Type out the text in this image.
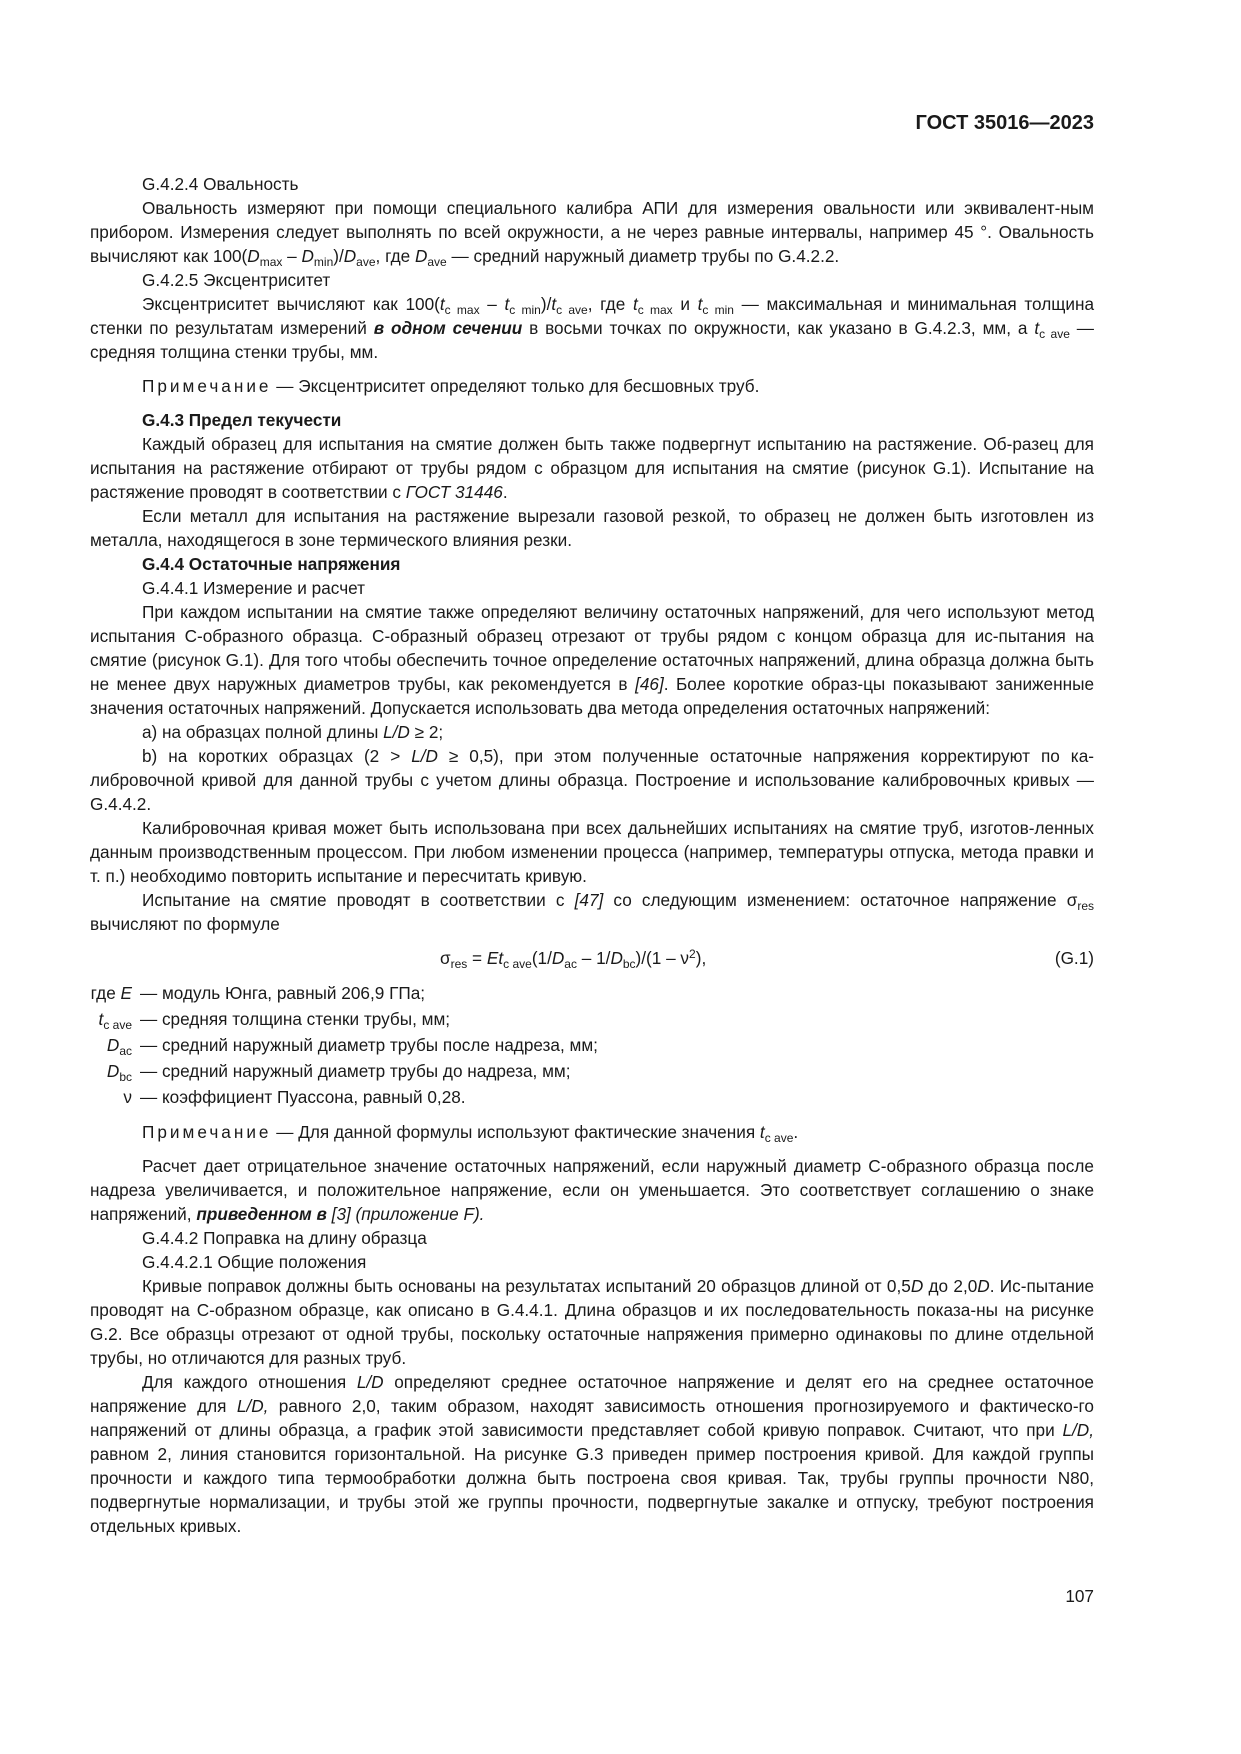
ГОСТ 35016—2023

G.4.2.4 Овальность

Овальность измеряют при помощи специального калибра АПИ для измерения овальности или эквивалент-ным прибором. Измерения следует выполнять по всей окружности, а не через равные интервалы, например 45 °. Овальность вычисляют как $100(D_{max} - D_{min})/D_{ave}$, где $D_{ave}$ — средний наружный диаметр трубы по G.4.2.2.

G.4.2.5 Эксцентриситет

Эксцентриситет вычисляют как $100(t_{c max} - t_{c min})/t_{c ave}$, где $t_{c max}$ и $t_{c min}$ — максимальная и минимальная толщина стенки по результатам измерений в одном сечении в восьми точках по окружности, как указано в G.4.2.3, мм, а $t_{c ave}$ — средняя толщина стенки трубы, мм.

Примечание — Эксцентриситет определяют только для бесшовных труб.

G.4.3 Предел текучести

Каждый образец для испытания на смятие должен быть также подвергнут испытанию на растяжение. Об-разец для испытания на растяжение отбирают от трубы рядом с образцом для испытания на смятие (рисунок G.1). Испытание на растяжение проводят в соответствии с ГОСТ 31446.

Если металл для испытания на растяжение вырезали газовой резкой, то образец не должен быть изготовлен из металла, находящегося в зоне термического влияния резки.

G.4.4 Остаточные напряжения

G.4.4.1 Измерение и расчет

При каждом испытании на смятие также определяют величину остаточных напряжений, для чего используют метод испытания С-образного образца. С-образный образец отрезают от трубы рядом с концом образца для ис-пытания на смятие (рисунок G.1). Для того чтобы обеспечить точное определение остаточных напряжений, длина образца должна быть не менее двух наружных диаметров трубы, как рекомендуется в [46]. Более короткие образ-цы показывают заниженные значения остаточных напряжений. Допускается использовать два метода определения остаточных напряжений:

а) на образцах полной длины L/D ≥ 2;

b) на коротких образцах (2 > L/D ≥ 0,5), при этом полученные остаточные напряжения корректируют по ка-либровочной кривой для данной трубы с учетом длины образца. Построение и использование калибровочных кривых — G.4.4.2.

Калибровочная кривая может быть использована при всех дальнейших испытаниях на смятие труб, изготов-ленных данным производственным процессом. При любом изменении процесса (например, температуры отпуска, метода правки и т. п.) необходимо повторить испытание и пересчитать кривую.

Испытание на смятие проводят в соответствии с [47] со следующим изменением: остаточное напряжение $\sigma_{res}$ вычисляют по формуле

$\sigma_{res} = Et_{c ave}(1/D_{ac} - 1/D_{bc})/(1 - \nu^2)$,	(G.1)
где E	— модуль Юнга, равный 206,9 ГПа;
$t_{c ave}$	— средняя толщина стенки трубы, мм;
$D_{ac}$	— средний наружный диаметр трубы после надреза, мм;
$D_{bc}$	— средний наружный диаметр трубы до надреза, мм;
ν	— коэффициент Пуассона, равный 0,28.

Примечание — Для данной формулы используют фактические значения $t_{c ave}$.

Расчет дает отрицательное значение остаточных напряжений, если наружный диаметр С-образного образца после надреза увеличивается, и положительное напряжение, если он уменьшается. Это соответствует соглашению о знаке напряжений, приведенном в [3] (приложение F).

G.4.4.2 Поправка на длину образца

G.4.4.2.1 Общие положения

Кривые поправок должны быть основаны на результатах испытаний 20 образцов длиной от 0,5D до 2,0D. Ис-пытание проводят на С-образном образце, как описано в G.4.4.1. Длина образцов и их последовательность показа-ны на рисунке G.2. Все образцы отрезают от одной трубы, поскольку остаточные напряжения примерно одинаковы по длине отдельной трубы, но отличаются для разных труб.

Для каждого отношения L/D определяют среднее остаточное напряжение и делят его на среднее остаточное напряжение для L/D, равного 2,0, таким образом, находят зависимость отношения прогнозируемого и фактическо-го напряжений от длины образца, а график этой зависимости представляет собой кривую поправок. Считают, что при L/D, равном 2, линия становится горизонтальной. На рисунке G.3 приведен пример построения кривой. Для каждой группы прочности и каждого типа термообработки должна быть построена своя кривая. Так, трубы группы прочности N80, подвергнутые нормализации, и трубы этой же группы прочности, подвергнутые закалке и отпуску, требуют построения отдельных кривых.

107
